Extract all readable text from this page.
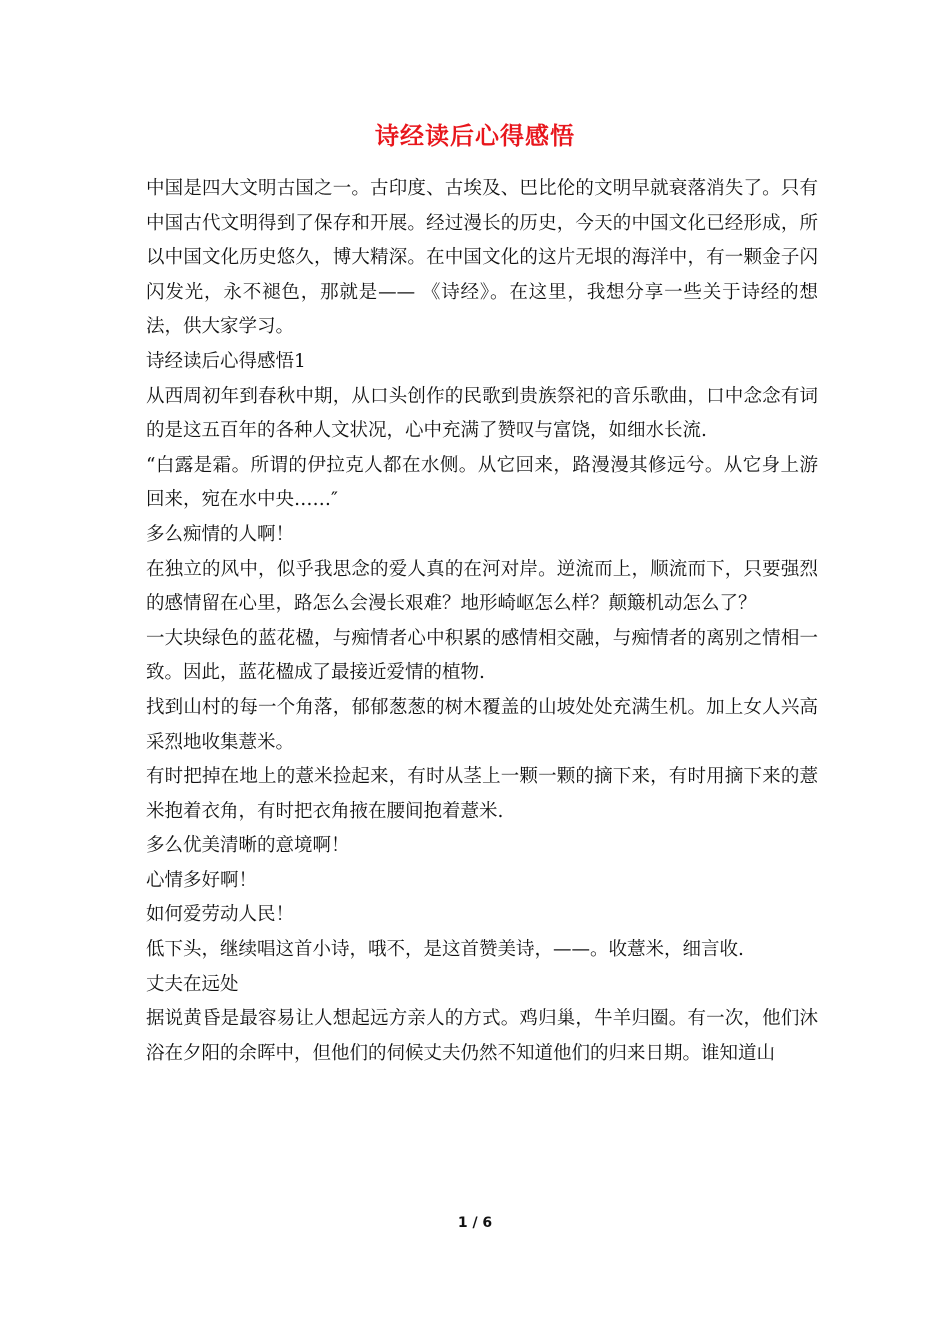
诗经读后心得感悟

中国是四大文明古国之一。古印度、古埃及、巴比伦的文明早就衰落消失了。只有中国古代文明得到了保存和开展。经过漫长的历史，今天的中国文化已经形成，所以中国文化历史悠久，博大精深。在中国文化的这片无垠的海洋中，有一颗金子闪闪发光，永不褪色，那就是—— 《诗经》。在这里，我想分享一些关于诗经的想法，供大家学习。

诗经读后心得感悟1

从西周初年到春秋中期，从口头创作的民歌到贵族祭祀的音乐歌曲，口中念念有词的是这五百年的各种人文状况，心中充满了赞叹与富饶，如细水长流.

“白露是霜。所谓的伊拉克人都在水侧。从它回来，路漫漫其修远兮。从它身上游回来，宛在水中央……″

多么痴情的人啊！

在独立的风中，似乎我思念的爱人真的在河对岸。逆流而上，顺流而下，只要强烈的感情留在心里，路怎么会漫长艰难？地形崎岖怎么样？颠簸机动怎么了？

一大块绿色的蓝花楹，与痴情者心中积累的感情相交融，与痴情者的离别之情相一致。因此，蓝花楹成了最接近爱情的植物.

找到山村的每一个角落，郁郁葱葱的树木覆盖的山坡处处充满生机。加上女人兴高采烈地收集薏米。

有时把掉在地上的薏米捡起来，有时从茎上一颗一颗的摘下来，有时用摘下来的薏米抱着衣角，有时把衣角掖在腰间抱着薏米.

多么优美清晰的意境啊！

心情多好啊！

如何爱劳动人民！

低下头，继续唱这首小诗，哦不，是这首赞美诗，——。收薏米，细言收.

丈夫在远处

据说黄昏是最容易让人想起远方亲人的方式。鸡归巢，牛羊归圈。有一次，他们沐浴在夕阳的余晖中，但他们的伺候丈夫仍然不知道他们的归来日期。谁知道山

1 / 6
